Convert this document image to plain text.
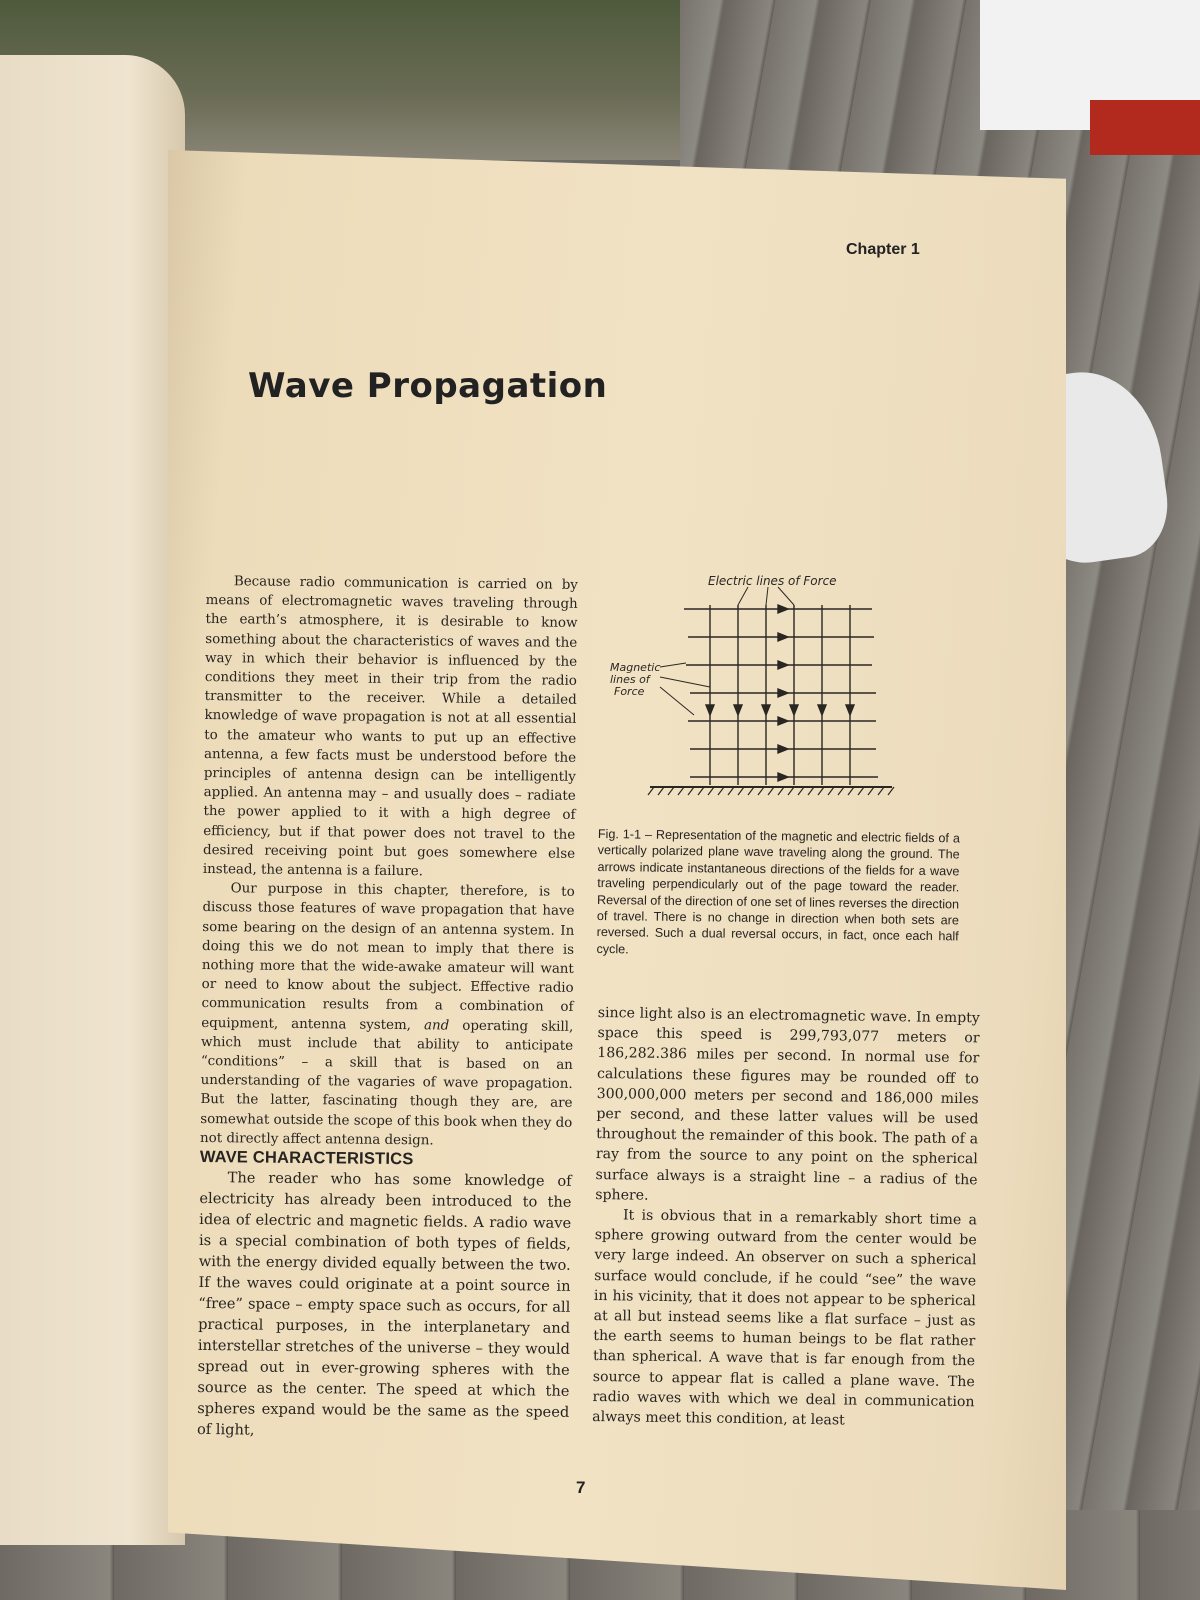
Chapter 1
Wave Propagation

Because radio communication is carried on by means of electromagnetic waves traveling through the earth’s atmosphere, it is desirable to know something about the characteristics of waves and the way in which their behavior is influenced by the conditions they meet in their trip from the radio transmitter to the receiver. While a detailed knowledge of wave propagation is not at all essential to the amateur who wants to put up an effective antenna, a few facts must be understood before the principles of antenna design can be intelligently applied. An antenna may – and usually does – radiate the power applied to it with a high degree of efficiency, but if that power does not travel to the desired receiving point but goes somewhere else instead, the antenna is a failure.

Our purpose in this chapter, therefore, is to discuss those features of wave propagation that have some bearing on the design of an antenna system. In doing this we do not mean to imply that there is nothing more that the wide-awake amateur will want or need to know about the subject. Effective radio communication results from a combination of equipment, antenna system, and operating skill, which must include that ability to anticipate “conditions” – a skill that is based on an understanding of the vagaries of wave propagation. But the latter, fascinating though they are, are somewhat outside the scope of this book when they do not directly affect antenna design.

WAVE CHARACTERISTICS

The reader who has some knowledge of electricity has already been introduced to the idea of electric and magnetic fields. A radio wave is a special combination of both types of fields, with the energy divided equally between the two. If the waves could originate at a point source in “free” space – empty space such as occurs, for all practical purposes, in the interplanetary and interstellar stretches of the universe – they would spread out in ever-growing spheres with the source as the center. The speed at which the spheres expand would be the same as the speed of light,

Electric lines of Force
Magnetic
lines of
Force
Fig. 1-1 – Representation of the magnetic and electric fields of a vertically polarized plane wave traveling along the ground. The arrows indicate instantaneous directions of the fields for a wave traveling perpendicularly out of the page toward the reader. Reversal of the direction of one set of lines reverses the direction of travel. There is no change in direction when both sets are reversed. Such a dual reversal occurs, in fact, once each half cycle.

since light also is an electromagnetic wave. In empty space this speed is 299,793,077 meters or 186,282.386 miles per second. In normal use for calculations these figures may be rounded off to 300,000,000 meters per second and 186,000 miles per second, and these latter values will be used throughout the remainder of this book. The path of a ray from the source to any point on the spherical surface always is a straight line – a radius of the sphere.

It is obvious that in a remarkably short time a sphere growing outward from the center would be very large indeed. An observer on such a spherical surface would conclude, if he could “see” the wave in his vicinity, that it does not appear to be spherical at all but instead seems like a flat surface – just as the earth seems to human beings to be flat rather than spherical. A wave that is far enough from the source to appear flat is called a plane wave. The radio waves with which we deal in communication always meet this condition, at least

7
